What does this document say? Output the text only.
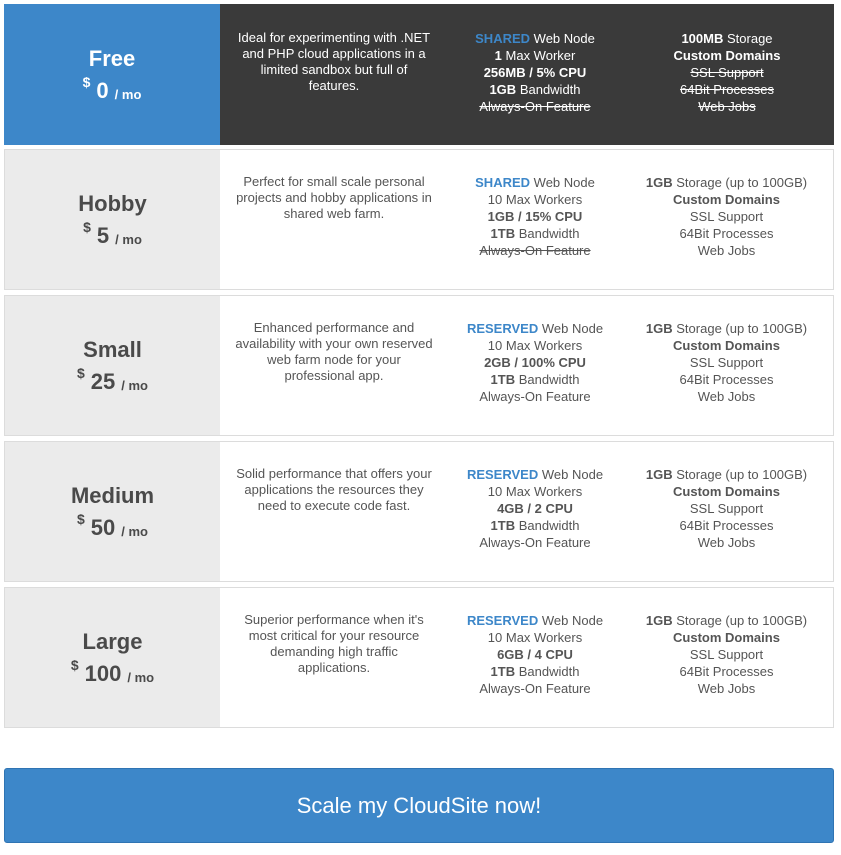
Free
$ 0 / mo
Ideal for experimenting with .NET and PHP cloud applications in a limited sandbox but full of features.
SHARED Web Node
1 Max Worker
256MB / 5% CPU
1GB Bandwidth
Always-On Feature
100MB Storage
Custom Domains
SSL Support
64Bit Processes
Web Jobs
Hobby
$ 5 / mo
Perfect for small scale personal projects and hobby applications in shared web farm.
SHARED Web Node
10 Max Workers
1GB / 15% CPU
1TB Bandwidth
Always-On Feature
1GB Storage (up to 100GB)
Custom Domains
SSL Support
64Bit Processes
Web Jobs
Small
$ 25 / mo
Enhanced performance and availability with your own reserved web farm node for your professional app.
RESERVED Web Node
10 Max Workers
2GB / 100% CPU
1TB Bandwidth
Always-On Feature
1GB Storage (up to 100GB)
Custom Domains
SSL Support
64Bit Processes
Web Jobs
Medium
$ 50 / mo
Solid performance that offers your applications the resources they need to execute code fast.
RESERVED Web Node
10 Max Workers
4GB / 2 CPU
1TB Bandwidth
Always-On Feature
1GB Storage (up to 100GB)
Custom Domains
SSL Support
64Bit Processes
Web Jobs
Large
$ 100 / mo
Superior performance when it's most critical for your resource demanding high traffic applications.
RESERVED Web Node
10 Max Workers
6GB / 4 CPU
1TB Bandwidth
Always-On Feature
1GB Storage (up to 100GB)
Custom Domains
SSL Support
64Bit Processes
Web Jobs
Scale my CloudSite now!
